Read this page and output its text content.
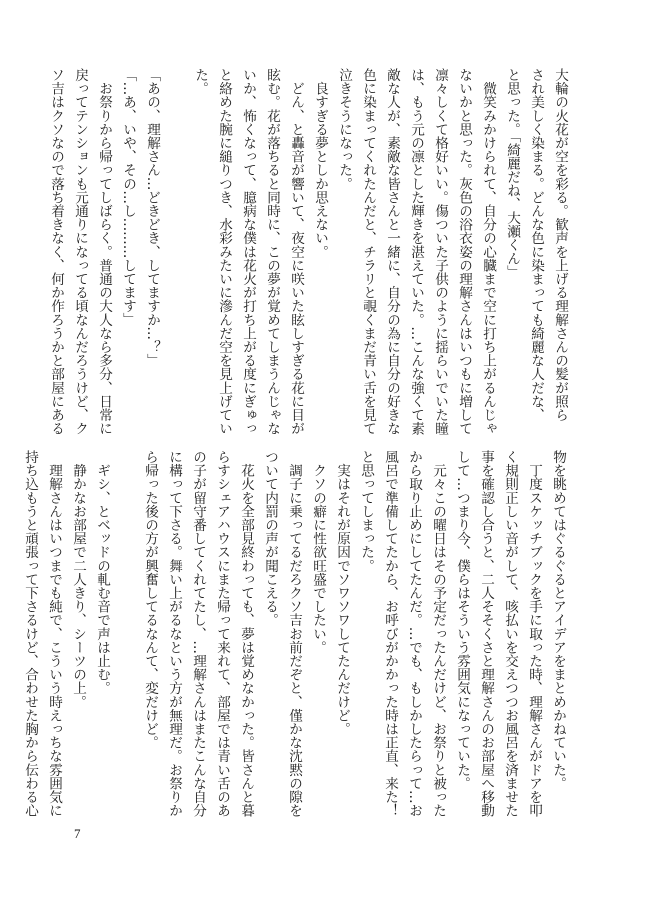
大輪の火花が空を彩る。歓声を上げる理解さんの髪が照ら
され美しく染まる。どんな色に染まっても綺麗な人だな、
と思った。「綺麗だね、大瀬くん」
　微笑みかけられて、自分の心臓まで空に打ち上がるんじゃ
ないかと思った。灰色の浴衣姿の理解さんはいつもに増して
凛々しくて格好いい。傷ついた子供のように揺らいでいた瞳
は、もう元の凛とした輝きを湛えていた。…こんな強くて素
敵な人が、素敵な皆さんと一緒に、自分の為に自分の好きな
色に染まってくれたんだと、チラリと覗くまだ青い舌を見て
泣きそうになった。
　良すぎる夢としか思えない。
　どん、と轟音が響いて、夜空に咲いた眩しすぎる花に目が
眩む。花が落ちると同時に、この夢が覚めてしまうんじゃな
いか、怖くなって、臆病な僕は花火が打ち上がる度にぎゅっ
と絡めた腕に縋りつき、水彩みたいに滲んだ空を見上げてい
た。

「あの、理解さん…どきどき、してますか…？」
「…あ、いや、その…し………してます」
　お祭りから帰ってしばらく。普通の大人なら多分、日常に
戻ってテンションも元通りになってる頃なんだろうけど、ク
ソ吉はクソなので落ち着きなく、何か作ろうかと部屋にある
物を眺めてはぐるぐるとアイデアをまとめかねていた。
　丁度スケッチブックを手に取った時、理解さんがドアを叩
く規則正しい音がして、咳払いを交えつつお風呂を済ませた
事を確認し合うと、二人そそくさと理解さんのお部屋へ移動
して…つまり今、僕らはそういう雰囲気になっていた。
　元々この曜日はその予定だったんだけど、お祭りと被った
から取り止めにしてたんだ。…でも、もしかしたらって…お
風呂で準備してたから、お呼びがかかった時は正直、来た！
と思ってしまった。
　実はそれが原因でソワソワしてたんだけど。
　クソの癖に性欲旺盛でしたい。
　調子に乗ってるだろクソ吉お前だぞと、僅かな沈黙の隙を
ついて内罰の声が聞こえる。
　花火を全部見終わっても、夢は覚めなかった。皆さんと暮
らすシェアハウスにまた帰って来れて、部屋では青い舌のあ
の子が留守番してくれてたし、…理解さんはまたこんな自分
に構って下さる。舞い上がるなという方が無理だ。お祭りか
ら帰った後の方が興奮してるなんて、変だけど。

　ギシ、とベッドの軋む音で声は止む。
　静かなお部屋で二人きり、シーツの上。
　理解さんはいつまでも純で、こういう時えっちな雰囲気に
持ち込もうと頑張って下さるけど、合わせた胸から伝わる心
7
